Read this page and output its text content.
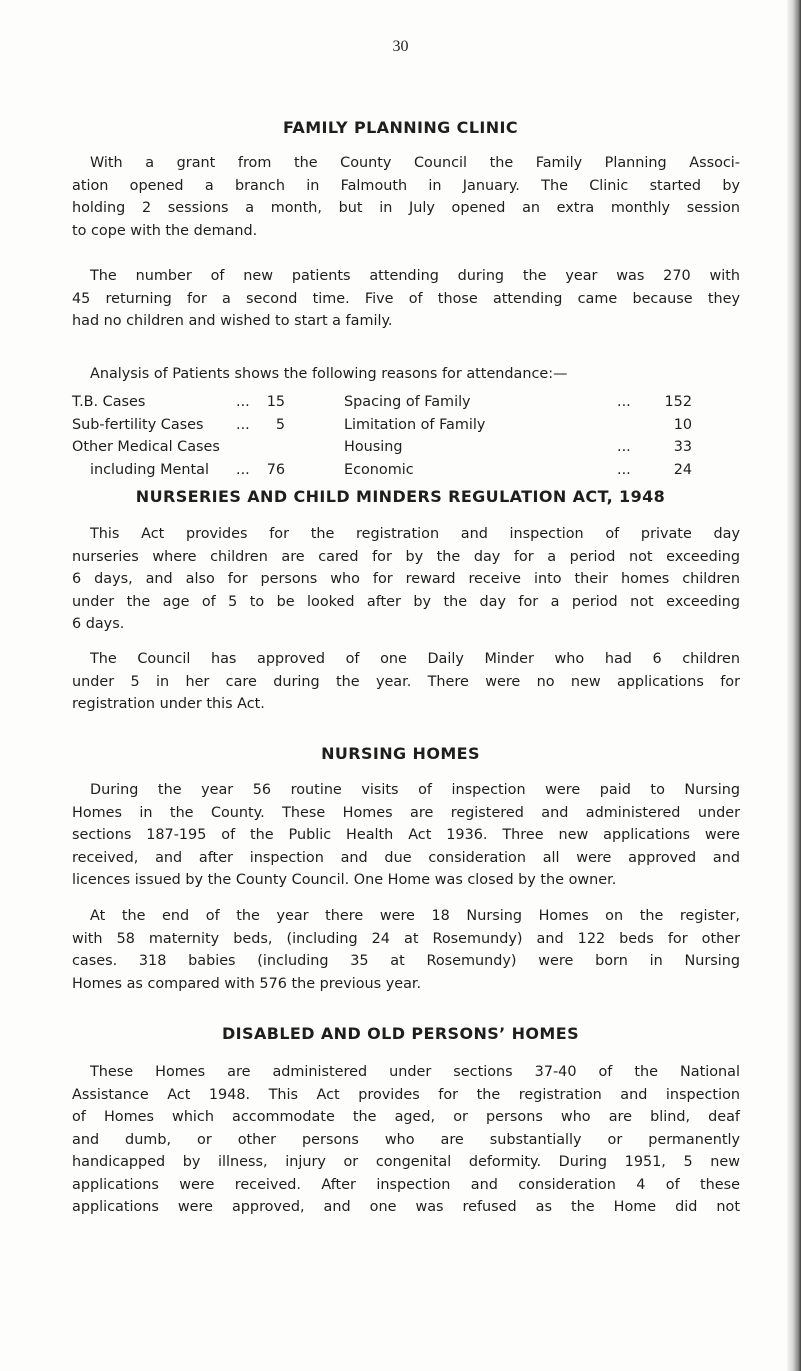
30
FAMILY PLANNING CLINIC
With a grant from the County Council the Family Planning Associ-
ation opened a branch in Falmouth in January. The Clinic started by
holding 2 sessions a month, but in July opened an extra monthly session
to cope with the demand.
The number of new patients attending during the year was 270 with
45 returning for a second time. Five of those attending came because they
had no children and wished to start a family.
Analysis of Patients shows the following reasons for attendance:—
T.B. Cases	...	15	Spacing of Family	... 152
Sub-fertility Cases ...	5	Limitation of Family	10
Other Medical Cases	Housing	...	33
including Mental ...	76	Economic	...	24
NURSERIES AND CHILD MINDERS REGULATION ACT, 1948
This Act provides for the registration and inspection of private day
nurseries where children are cared for by the day for a period not exceeding
6 days, and also for persons who for reward receive into their homes children
under the age of 5 to be looked after by the day for a period not exceeding
6 days.
The Council has approved of one Daily Minder who had 6 children
under 5 in her care during the year. There were no new applications for
registration under this Act.
NURSING HOMES
During the year 56 routine visits of inspection were paid to Nursing
Homes in the County. These Homes are registered and administered under
sections 187-195 of the Public Health Act 1936. Three new applications were
received, and after inspection and due consideration all were approved and
licences issued by the County Council. One Home was closed by the owner.
At the end of the year there were 18 Nursing Homes on the register,
with 58 maternity beds, (including 24 at Rosemundy) and 122 beds for other
cases. 318 babies (including 35 at Rosemundy) were born in Nursing
Homes as compared with 576 the previous year.
DISABLED AND OLD PERSONS’ HOMES
These Homes are administered under sections 37-40 of the National
Assistance Act 1948. This Act provides for the registration and inspection
of Homes which accommodate the aged, or persons who are blind, deaf
and dumb, or other persons who are substantially or permanently
handicapped by illness, injury or congenital deformity. During 1951, 5 new
applications were received. After inspection and consideration 4 of these
applications were approved, and one was refused as the Home did not
